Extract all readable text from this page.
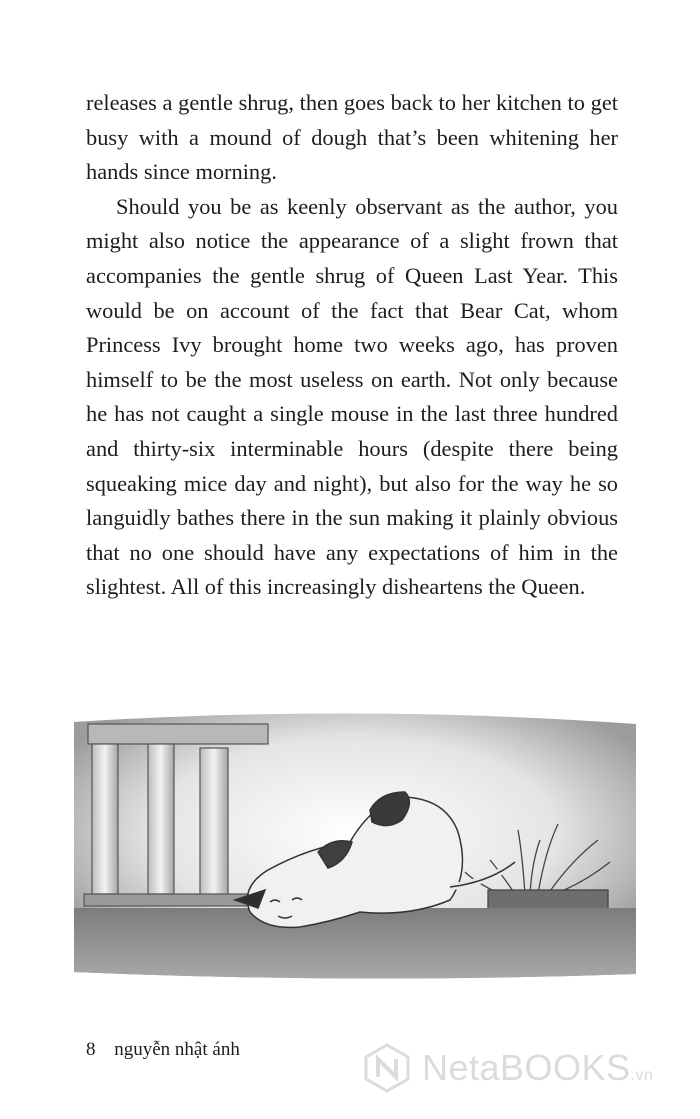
releases a gentle shrug, then goes back to her kitchen to get busy with a mound of dough that’s been whitening her hands since morning.

Should you be as keenly observant as the author, you might also notice the appearance of a slight frown that accompanies the gentle shrug of Queen Last Year. This would be on account of the fact that Bear Cat, whom Princess Ivy brought home two weeks ago, has proven himself to be the most useless on earth. Not only because he has not caught a single mouse in the last three hundred and thirty-six interminable hours (despite there being squeaking mice day and night), but also for the way he so languidly bathes there in the sun making it plainly obvious that no one should have any expectations of him in the slightest. All of this increasingly disheartens the Queen.

8 nguyễn nhật ánh	NetaBOOKS.vn
